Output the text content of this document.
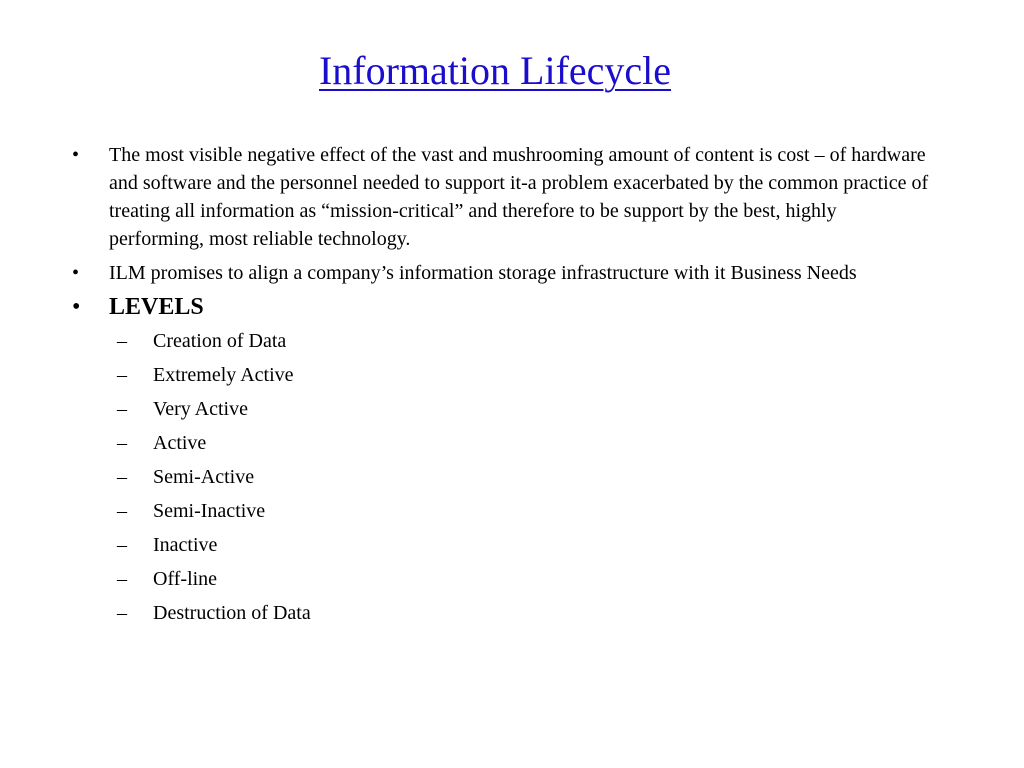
Information Lifecycle
•	The most visible negative effect of the vast and mushrooming amount of content is cost – of hardware and software and the personnel needed to support it-a problem exacerbated by the common practice of treating all information as “mission-critical” and therefore to be support by the best, highly performing, most reliable technology.
•	ILM promises to align a company’s information storage infrastructure with it Business Needs
•	LEVELS
– Creation of Data
– Extremely Active
– Very Active
– Active
– Semi-Active
– Semi-Inactive
– Inactive
– Off-line
– Destruction of Data
